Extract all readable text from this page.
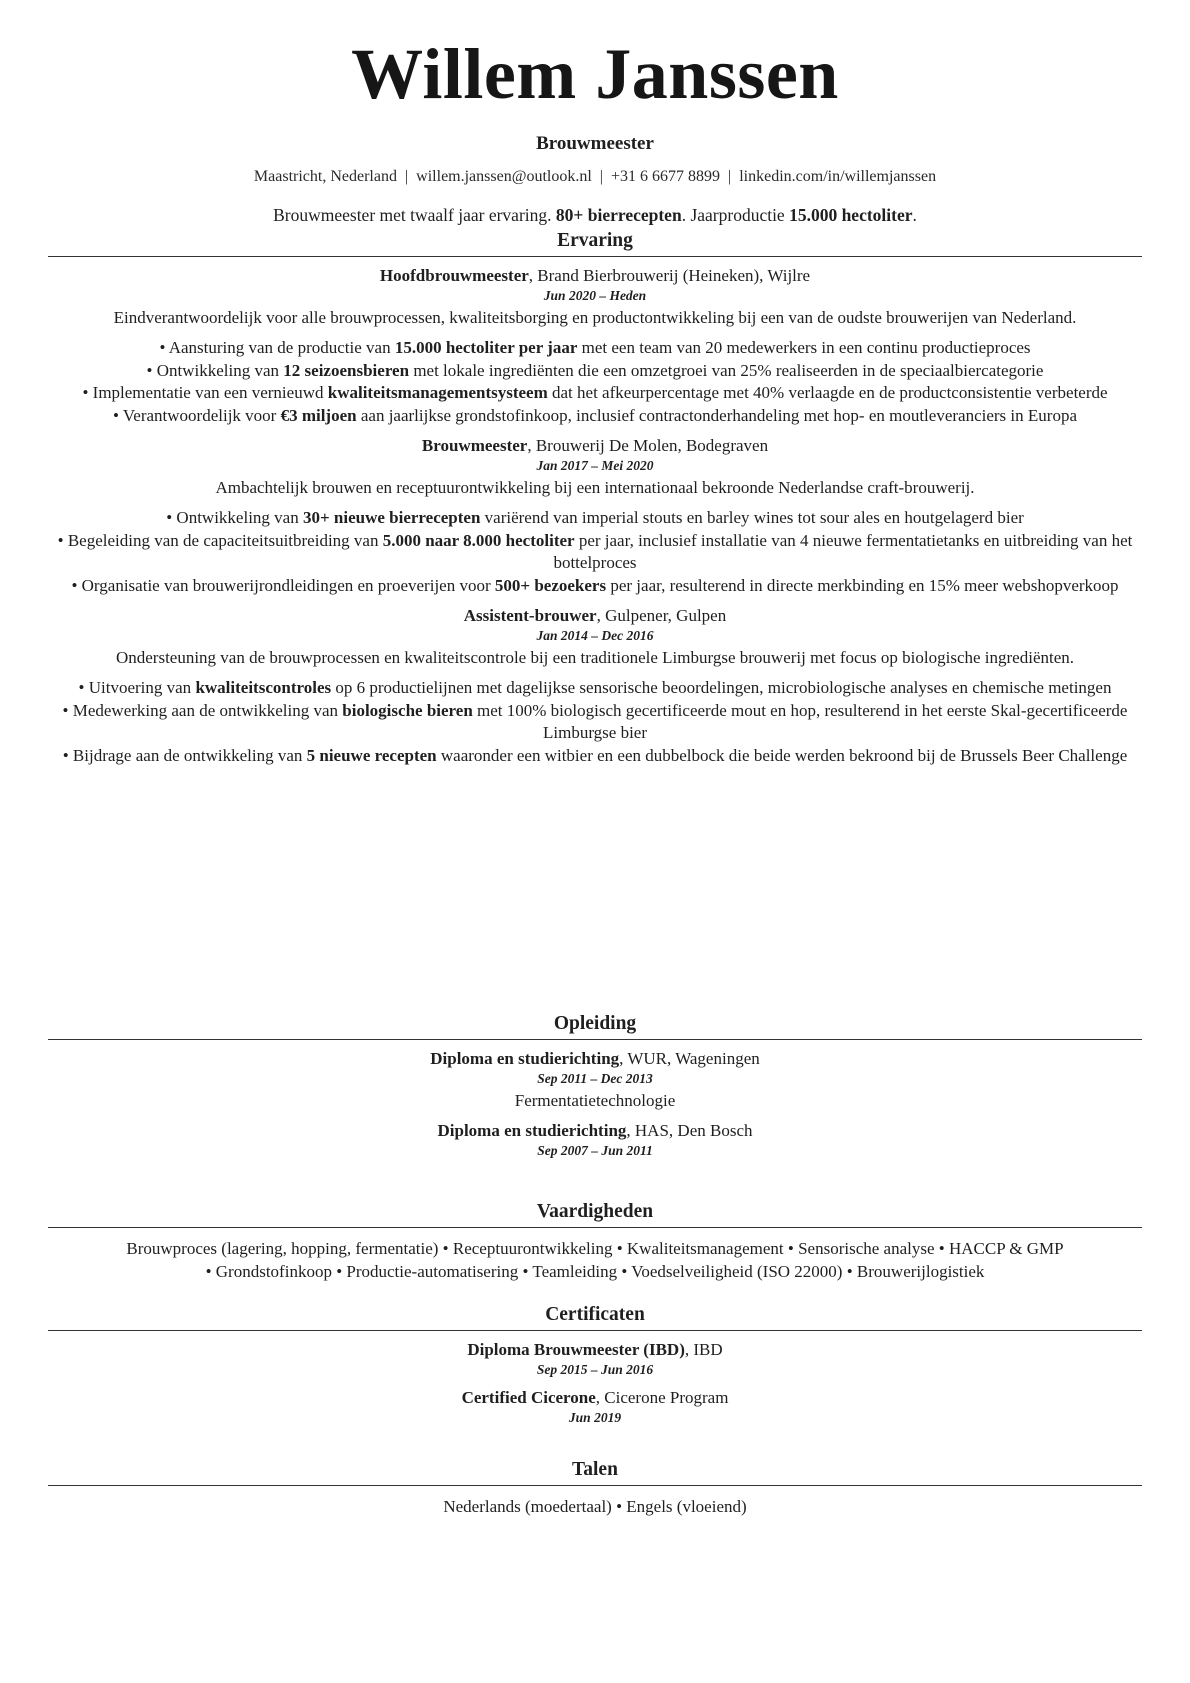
Willem Janssen
Brouwmeester
Maastricht, Nederland | willem.janssen@outlook.nl | +31 6 6677 8899 | linkedin.com/in/willemjanssen
Brouwmeester met twaalf jaar ervaring. 80+ bierrecepten. Jaarproductie 15.000 hectoliter.
Ervaring
Hoofdbrouwmeester, Brand Bierbrouwerij (Heineken), Wijlre
Jun 2020 – Heden
Eindverantwoordelijk voor alle brouwprocessen, kwaliteitsborging en productontwikkeling bij een van de oudste brouwerijen van Nederland.
• Aansturing van de productie van 15.000 hectoliter per jaar met een team van 20 medewerkers in een continu productieproces
• Ontwikkeling van 12 seizoensbieren met lokale ingrediënten die een omzetgroei van 25% realiseerden in de speciaalbiercategorie
• Implementatie van een vernieuwd kwaliteitsmanagementsysteem dat het afkeurpercentage met 40% verlaagde en de productconsistentie verbeterde
• Verantwoordelijk voor €3 miljoen aan jaarlijkse grondstofinkoop, inclusief contractonderhandeling met hop- en moutleveranciers in Europa
Brouwmeester, Brouwerij De Molen, Bodegraven
Jan 2017 – Mei 2020
Ambachtelijk brouwen en receptuurontwikkeling bij een internationaal bekroonde Nederlandse craft-brouwerij.
• Ontwikkeling van 30+ nieuwe bierrecepten variërend van imperial stouts en barley wines tot sour ales en houtgelagerd bier
• Begeleiding van de capaciteitsuitbreiding van 5.000 naar 8.000 hectoliter per jaar, inclusief installatie van 4 nieuwe fermentatietanks en uitbreiding van het bottelproces
• Organisatie van brouwerijrondleidingen en proeverijen voor 500+ bezoekers per jaar, resulterend in directe merkbinding en 15% meer webshopverkoop
Assistent-brouwer, Gulpener, Gulpen
Jan 2014 – Dec 2016
Ondersteuning van de brouwprocessen en kwaliteitscontrole bij een traditionele Limburgse brouwerij met focus op biologische ingrediënten.
• Uitvoering van kwaliteitscontroles op 6 productielijnen met dagelijkse sensorische beoordelingen, microbiologische analyses en chemische metingen
• Medewerking aan de ontwikkeling van biologische bieren met 100% biologisch gecertificeerde mout en hop, resulterend in het eerste Skal-gecertificeerde Limburgse bier
• Bijdrage aan de ontwikkeling van 5 nieuwe recepten waaronder een witbier en een dubbelbock die beide werden bekroond bij de Brussels Beer Challenge
Opleiding
Diploma en studierichting, WUR, Wageningen
Sep 2011 – Dec 2013
Fermentatietechnologie
Diploma en studierichting, HAS, Den Bosch
Sep 2007 – Jun 2011
Vaardigheden
Brouwproces (lagering, hopping, fermentatie) • Receptuurontwikkeling • Kwaliteitsmanagement • Sensorische analyse • HACCP & GMP
• Grondstofinkoop • Productie-automatisering • Teamleiding • Voedselveiligheid (ISO 22000) • Brouwerijlogistiek
Certificaten
Diploma Brouwmeester (IBD), IBD
Sep 2015 – Jun 2016
Certified Cicerone, Cicerone Program
Jun 2019
Talen
Nederlands (moedertaal) • Engels (vloeiend)
